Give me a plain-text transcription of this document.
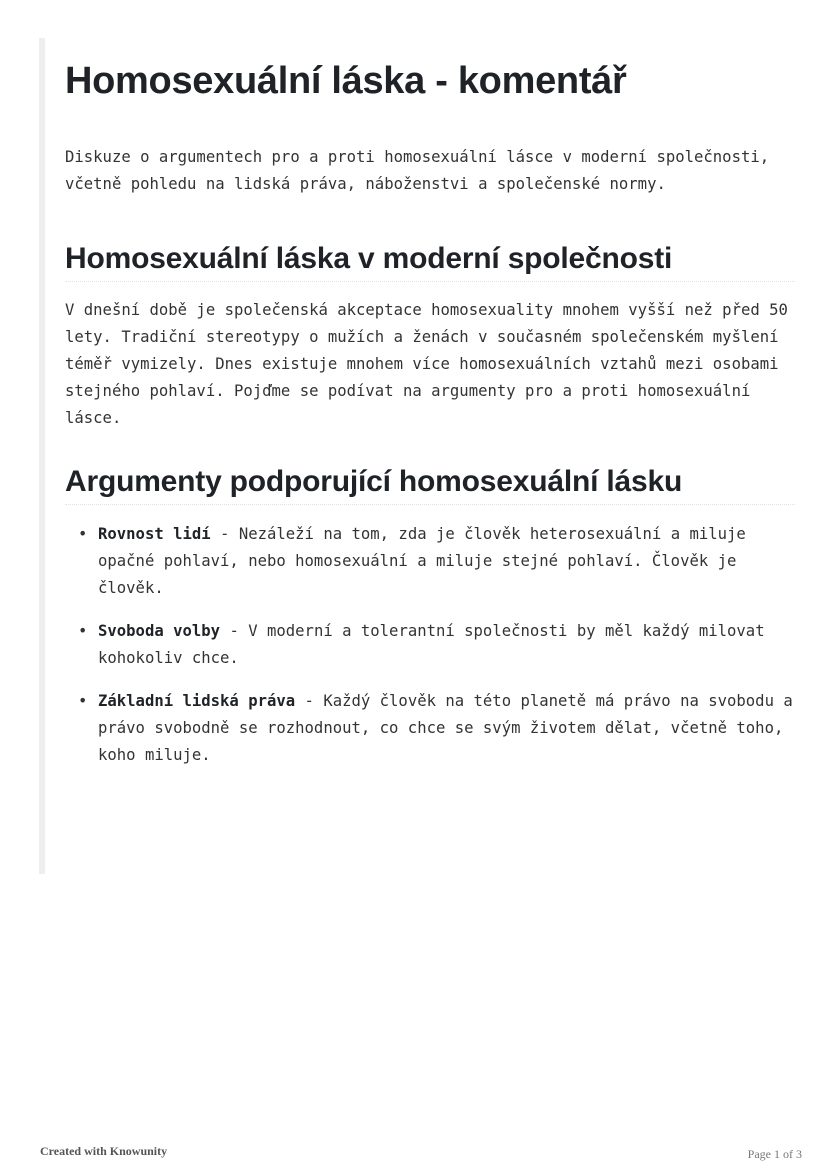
Homosexuální láska - komentář

Diskuze o argumentech pro a proti homosexuální lásce v moderní společnosti, včetně pohledu na lidská práva, náboženstvi a společenské normy.

Homosexuální láska v moderní společnosti

V dnešní době je společenská akceptace homosexuality mnohem vyšší než před 50 lety. Tradiční stereotypy o mužích a ženách v současném společenském myšlení téměř vymizely. Dnes existuje mnohem více homosexuálních vztahů mezi osobami stejného pohlaví. Pojďme se podívat na argumenty pro a proti homosexuální lásce.

Argumenty podporující homosexuální lásku
• Rovnost lidí - Nezáleží na tom, zda je člověk heterosexuální a miluje opačné pohlaví, nebo homosexuální a miluje stejné pohlaví. Člověk je člověk.
• Svoboda volby - V moderní a tolerantní společnosti by měl každý milovat kohokoliv chce.
• Základní lidská práva - Každý člověk na této planetě má právo na svobodu a právo svobodně se rozhodnout, co chce se svým životem dělat, včetně toho, koho miluje.
Created with Knowunity	Page 1 of 3
